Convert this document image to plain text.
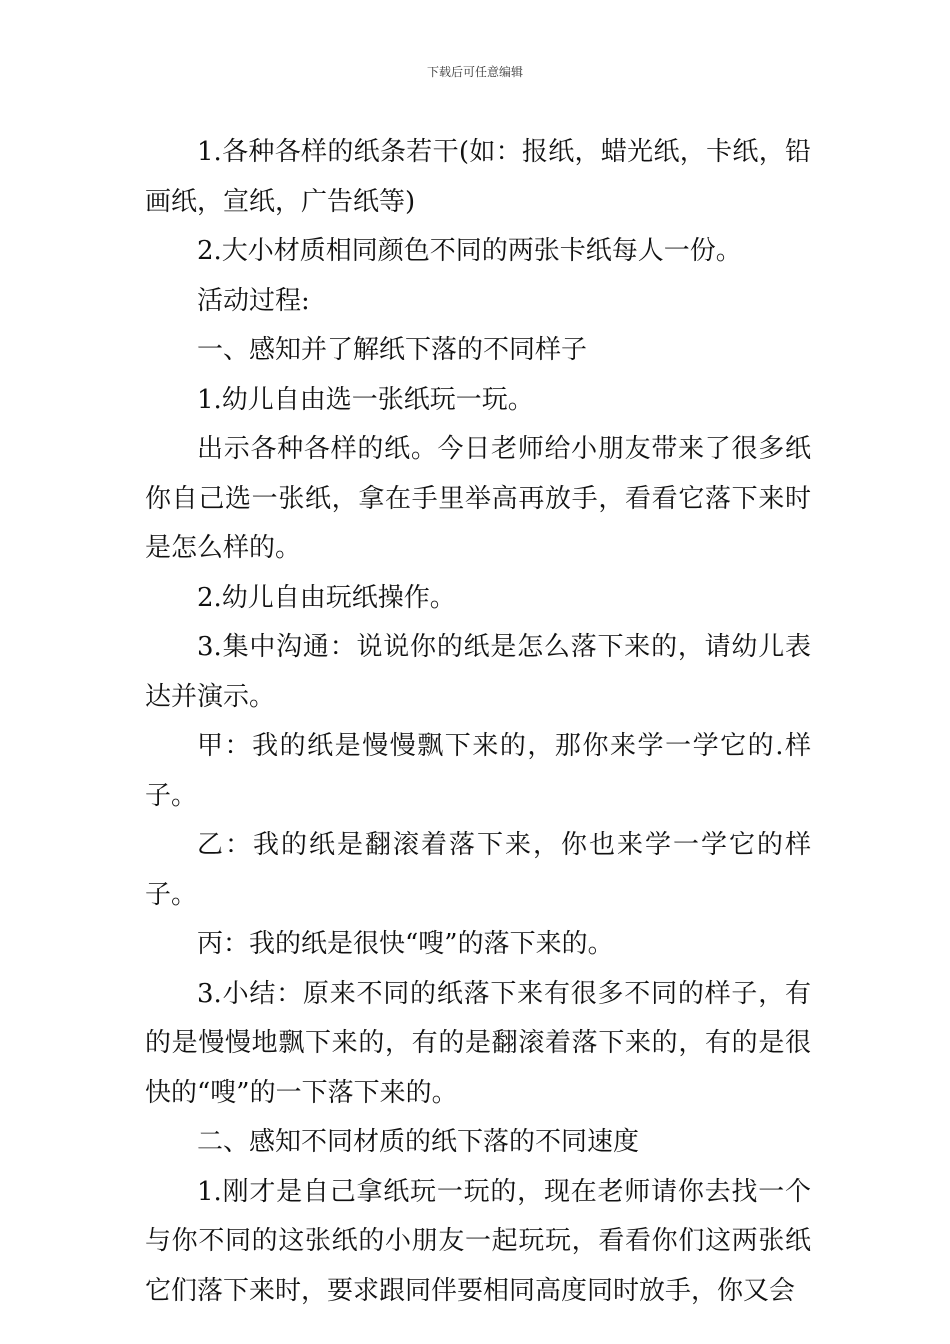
下载后可任意编辑

1.各种各样的纸条若干(如：报纸，蜡光纸，卡纸，铅画纸，宣纸，广告纸等)

2.大小材质相同颜色不同的两张卡纸每人一份。

活动过程:

一、感知并了解纸下落的不同样子

1.幼儿自由选一张纸玩一玩。

出示各种各样的纸。今日老师给小朋友带来了很多纸你自己选一张纸，拿在手里举高再放手，看看它落下来时是怎么样的。

2.幼儿自由玩纸操作。

3.集中沟通：说说你的纸是怎么落下来的，请幼儿表达并演示。

甲：我的纸是慢慢飘下来的，那你来学一学它的.样子。

乙：我的纸是翻滚着落下来，你也来学一学它的样子。

丙：我的纸是很快“嗖”的落下来的。

3.小结：原来不同的纸落下来有很多不同的样子，有的是慢慢地飘下来的，有的是翻滚着落下来的，有的是很快的“嗖”的一下落下来的。

二、感知不同材质的纸下落的不同速度

1.刚才是自己拿纸玩一玩的，现在老师请你去找一个与你不同的这张纸的小朋友一起玩玩，看看你们这两张纸它们落下来时，要求跟同伴要相同高度同时放手，你又会
